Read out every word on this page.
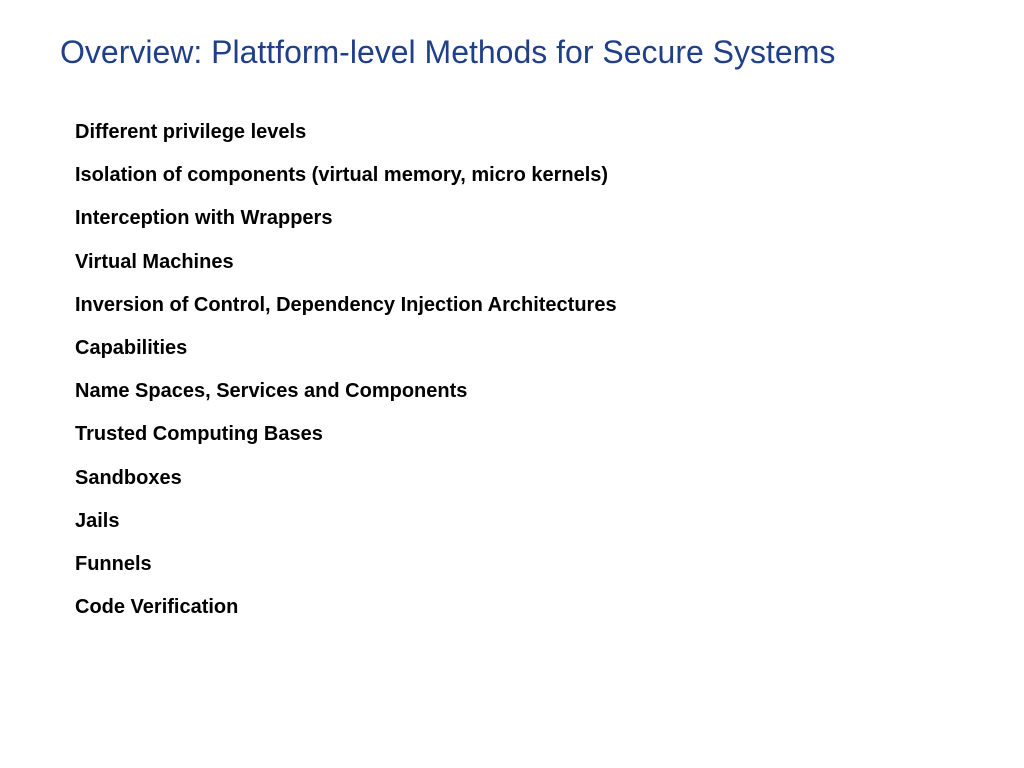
Overview: Plattform-level Methods for Secure Systems
Different privilege levels
Isolation of components (virtual memory, micro kernels)
Interception with Wrappers
Virtual Machines
Inversion of Control, Dependency Injection Architectures
Capabilities
Name Spaces, Services and Components
Trusted Computing Bases
Sandboxes
Jails
Funnels
Code Verification
